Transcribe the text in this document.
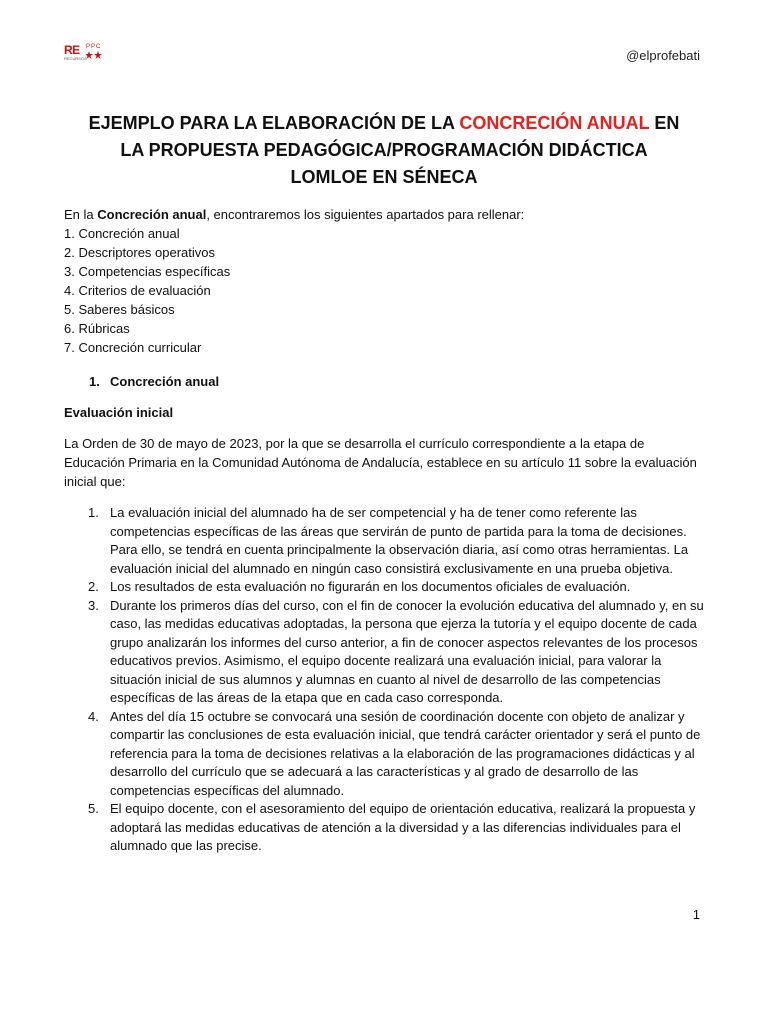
RE PPC
RECURSOS	@elprofebati
EJEMPLO PARA LA ELABORACIÓN DE LA CONCRECIÓN ANUAL EN LA PROPUESTA PEDAGÓGICA/PROGRAMACIÓN DIDÁCTICA LOMLOE EN SÉNECA
En la Concreción anual, encontraremos los siguientes apartados para rellenar:
1. Concreción anual
2. Descriptores operativos
3. Competencias específicas
4. Criterios de evaluación
5. Saberes básicos
6. Rúbricas
7. Concreción curricular
1. Concreción anual
Evaluación inicial
La Orden de 30 de mayo de 2023, por la que se desarrolla el currículo correspondiente a la etapa de Educación Primaria en la Comunidad Autónoma de Andalucía, establece en su artículo 11 sobre la evaluación inicial que:
1. La evaluación inicial del alumnado ha de ser competencial y ha de tener como referente las competencias específicas de las áreas que servirán de punto de partida para la toma de decisiones. Para ello, se tendrá en cuenta principalmente la observación diaria, así como otras herramientas. La evaluación inicial del alumnado en ningún caso consistirá exclusivamente en una prueba objetiva.
2. Los resultados de esta evaluación no figurarán en los documentos oficiales de evaluación.
3. Durante los primeros días del curso, con el fin de conocer la evolución educativa del alumnado y, en su caso, las medidas educativas adoptadas, la persona que ejerza la tutoría y el equipo docente de cada grupo analizarán los informes del curso anterior, a fin de conocer aspectos relevantes de los procesos educativos previos. Asimismo, el equipo docente realizará una evaluación inicial, para valorar la situación inicial de sus alumnos y alumnas en cuanto al nivel de desarrollo de las competencias específicas de las áreas de la etapa que en cada caso corresponda.
4. Antes del día 15 octubre se convocará una sesión de coordinación docente con objeto de analizar y compartir las conclusiones de esta evaluación inicial, que tendrá carácter orientador y será el punto de referencia para la toma de decisiones relativas a la elaboración de las programaciones didácticas y al desarrollo del currículo que se adecuará a las características y al grado de desarrollo de las competencias específicas del alumnado.
5. El equipo docente, con el asesoramiento del equipo de orientación educativa, realizará la propuesta y adoptará las medidas educativas de atención a la diversidad y a las diferencias individuales para el alumnado que las precise.
1
